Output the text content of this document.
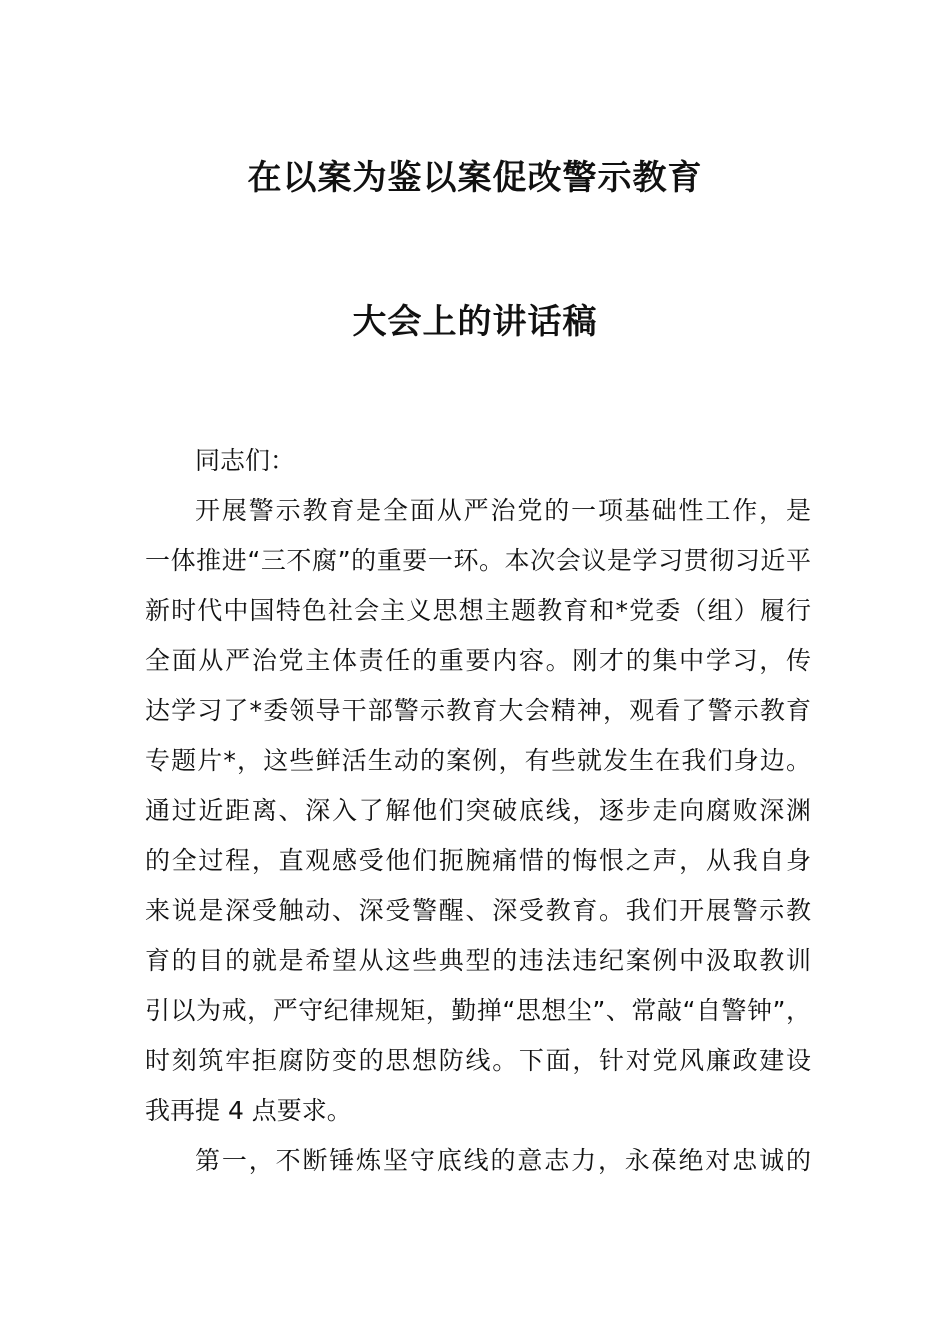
在以案为鉴以案促改警示教育
大会上的讲话稿

同志们：

开展警示教育是全面从严治党的一项基础性工作，是

一体推进“三不腐”的重要一环。本次会议是学习贯彻习近平

新时代中国特色社会主义思想主题教育和*党委（组）履行

全面从严治党主体责任的重要内容。刚才的集中学习，传

达学习了*委领导干部警示教育大会精神，观看了警示教育

专题片*，这些鲜活生动的案例，有些就发生在我们身边。

通过近距离、深入了解他们突破底线，逐步走向腐败深渊

的全过程，直观感受他们扼腕痛惜的悔恨之声，从我自身

来说是深受触动、深受警醒、深受教育。我们开展警示教

育的目的就是希望从这些典型的违法违纪案例中汲取教训

引以为戒，严守纪律规矩，勤掸“思想尘”、常敲“自警钟”，

时刻筑牢拒腐防变的思想防线。下面，针对党风廉政建设

我再提 4 点要求。

第一，不断锤炼坚守底线的意志力，永葆绝对忠诚的
